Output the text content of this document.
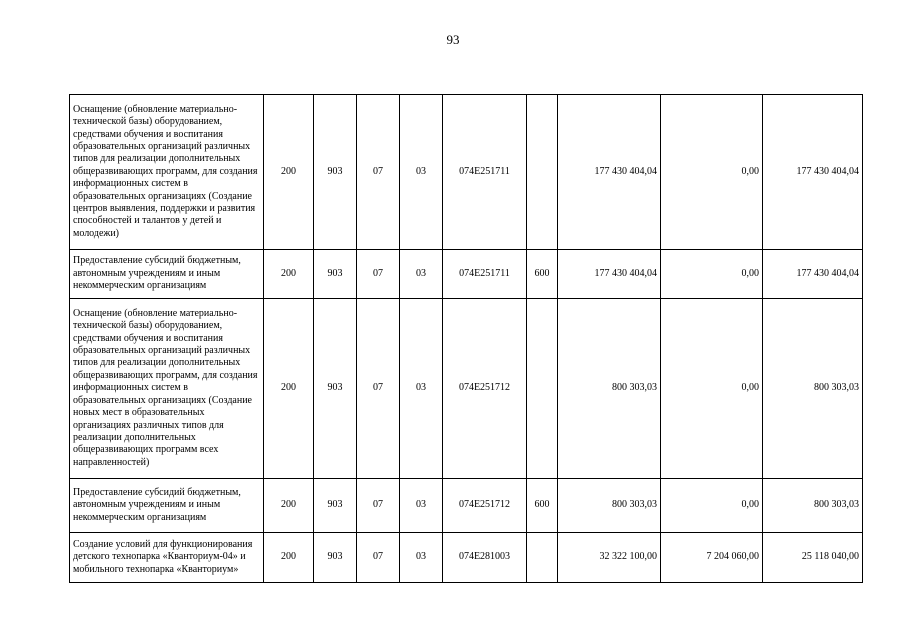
93
Оснащение (обновление материально-технической базы) оборудованием, средствами обучения и воспитания образовательных организаций различных типов для реализации дополнительных общеразвивающих программ, для создания информационных систем в образовательных организациях (Создание центров выявления, поддержки и развития способностей и талантов у детей и молодежи)	200	903	07	03	074E251711		177 430 404,04	0,00	177 430 404,04
Предоставление субсидий бюджетным, автономным учреждениям и иным некоммерческим организациям	200	903	07	03	074E251711	600	177 430 404,04	0,00	177 430 404,04
Оснащение (обновление материально-технической базы) оборудованием, средствами обучения и воспитания образовательных организаций различных типов для реализации дополнительных общеразвивающих программ, для создания информационных систем в образовательных организациях (Создание новых мест в образовательных организациях различных типов для реализации дополнительных общеразвивающих программ всех направленностей)	200	903	07	03	074E251712		800 303,03	0,00	800 303,03
Предоставление субсидий бюджетным, автономным учреждениям и иным некоммерческим организациям	200	903	07	03	074E251712	600	800 303,03	0,00	800 303,03
Создание условий для функционирования детского технопарка «Кванториум-04» и мобильного технопарка «Кванториум»	200	903	07	03	074E281003		32 322 100,00	7 204 060,00	25 118 040,00
